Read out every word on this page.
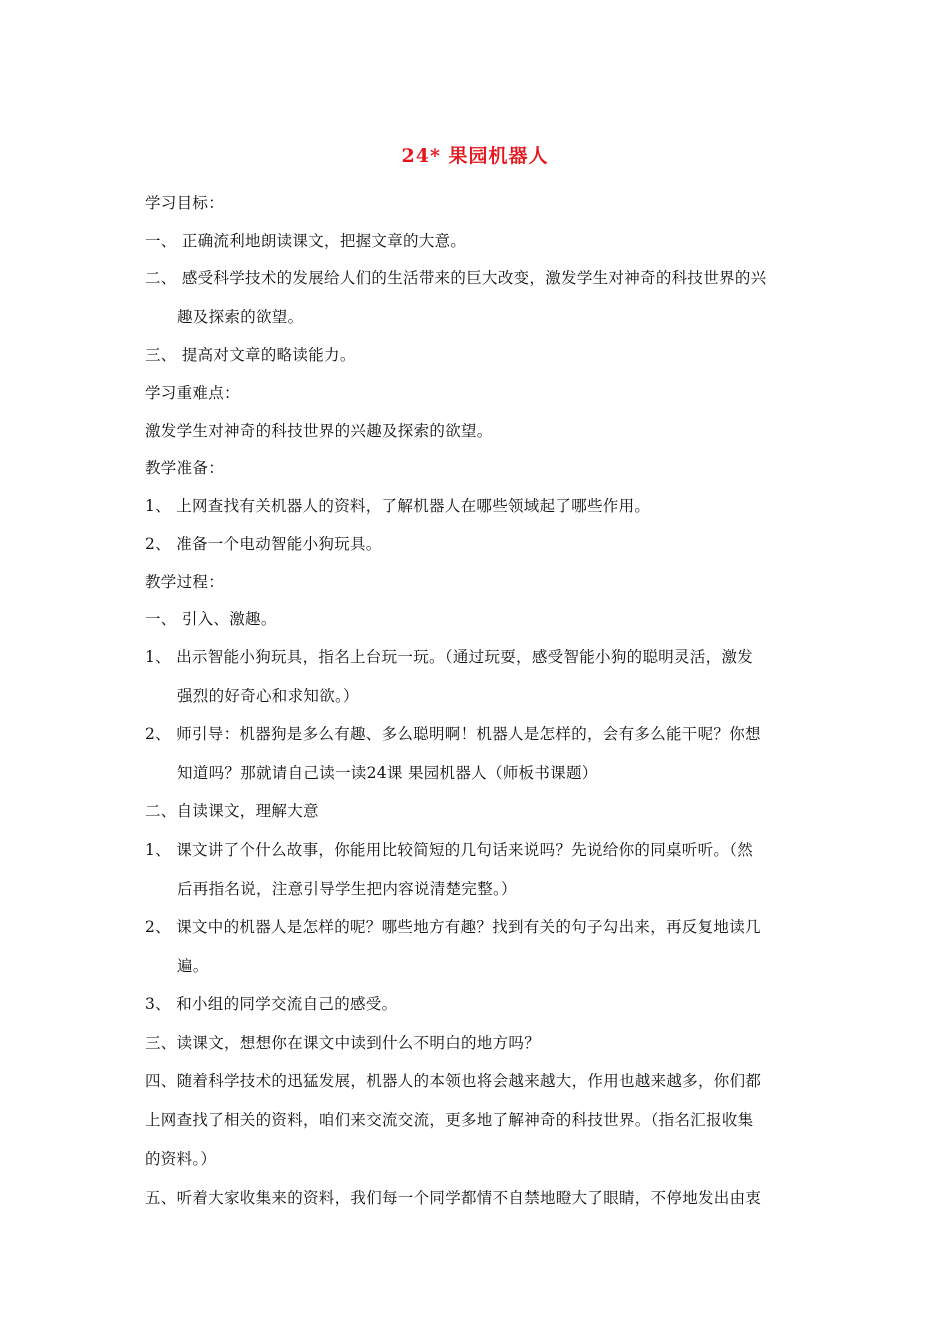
24* 果园机器人
学习目标：
一、 正确流利地朗读课文，把握文章的大意。
二、 感受科学技术的发展给人们的生活带来的巨大改变，激发学生对神奇的科技世界的兴
趣及探索的欲望。
三、 提高对文章的略读能力。
学习重难点：
激发学生对神奇的科技世界的兴趣及探索的欲望。
教学准备：
1、 上网查找有关机器人的资料，了解机器人在哪些领域起了哪些作用。
2、 准备一个电动智能小狗玩具。
教学过程：
一、 引入、激趣。
1、 出示智能小狗玩具，指名上台玩一玩。（通过玩耍，感受智能小狗的聪明灵活，激发
强烈的好奇心和求知欲。）
2、 师引导：机器狗是多么有趣、多么聪明啊！机器人是怎样的，会有多么能干呢？你想
知道吗？那就请自己读一读24课 果园机器人（师板书课题）
二、自读课文，理解大意
1、 课文讲了个什么故事，你能用比较简短的几句话来说吗？先说给你的同桌听听。（然
后再指名说，注意引导学生把内容说清楚完整。）
2、 课文中的机器人是怎样的呢？哪些地方有趣？找到有关的句子勾出来，再反复地读几
遍。
3、 和小组的同学交流自己的感受。
三、读课文，想想你在课文中读到什么不明白的地方吗？
四、随着科学技术的迅猛发展，机器人的本领也将会越来越大，作用也越来越多，你们都
上网查找了相关的资料，咱们来交流交流，更多地了解神奇的科技世界。（指名汇报收集
的资料。）
五、听着大家收集来的资料，我们每一个同学都情不自禁地瞪大了眼睛，不停地发出由衷
